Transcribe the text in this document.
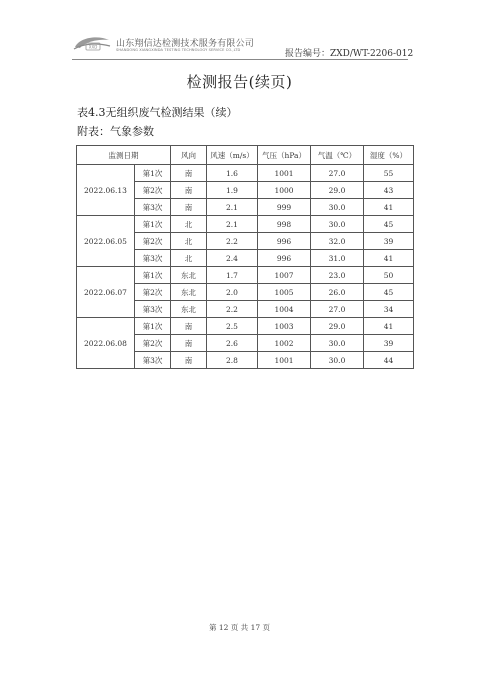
XXD 山东翔信达检测技术服务有限公司
SHANDONG XIANGXINDA TESTING TECHNOLOGY SERVICE CO.,LTD	报告编号：ZXD/WT-2206-012
检测报告(续页)
表4.3无组织废气检测结果（续）
附表：气象参数
监测日期		风向	风速（m/s）	气压（hPa）	气温（℃）	湿度（%）
2022.06.13	第1次	南	1.6	1001	27.0	55
	第2次	南	1.9	1000	29.0	43
	第3次	南	2.1	999	30.0	41
2022.06.05	第1次	北	2.1	998	30.0	45
	第2次	北	2.2	996	32.0	39
	第3次	北	2.4	996	31.0	41
2022.06.07	第1次	东北	1.7	1007	23.0	50
	第2次	东北	2.0	1005	26.0	45
	第3次	东北	2.2	1004	27.0	34
2022.06.08	第1次	南	2.5	1003	29.0	41
	第2次	南	2.6	1002	30.0	39
	第3次	南	2.8	1001	30.0	44
第 12 页 共 17 页
